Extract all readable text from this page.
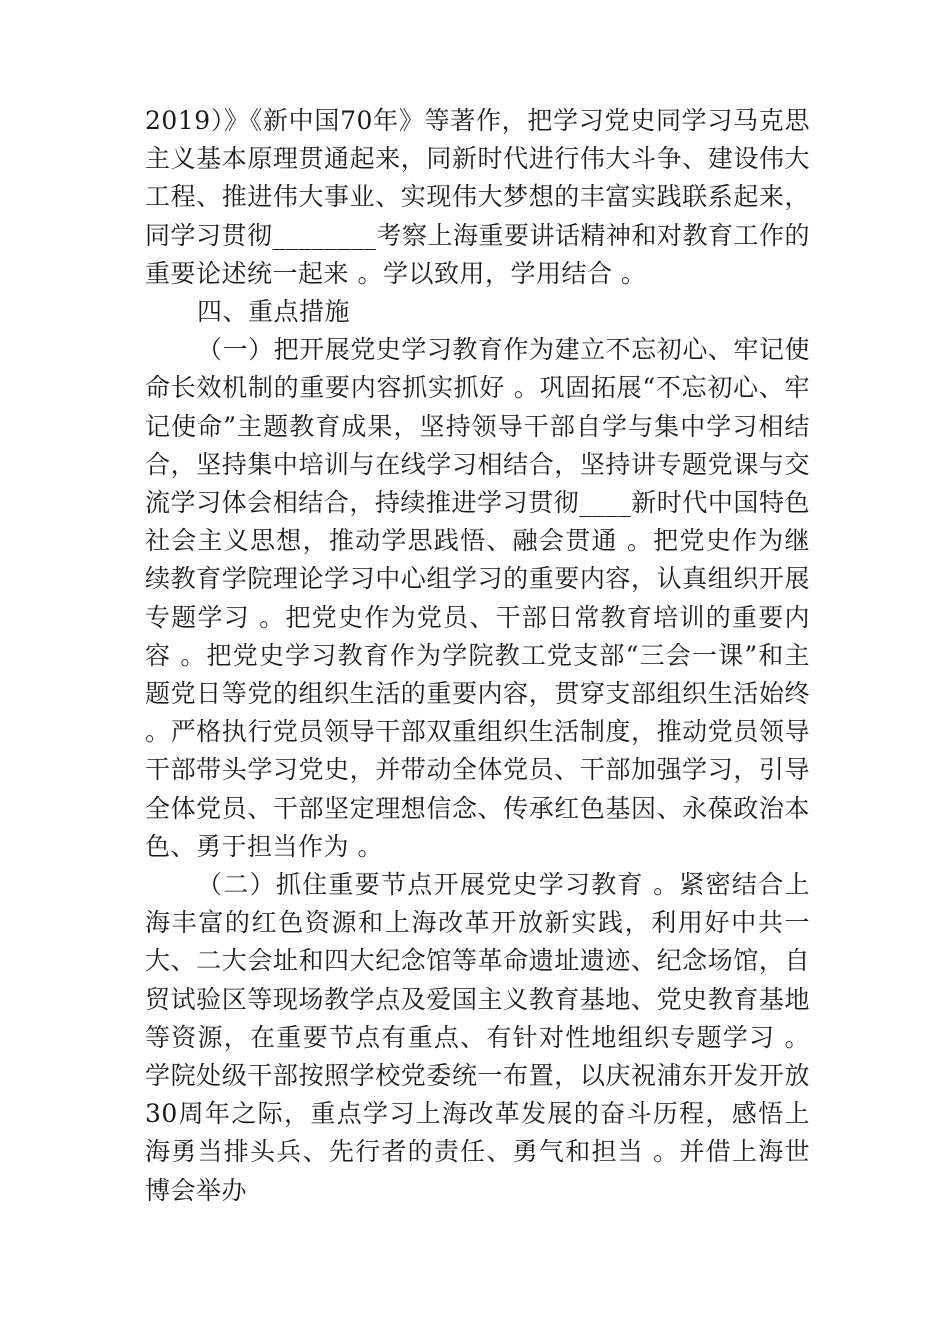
2019）》《新中国70年》等著作，把学习党史同学习马克思主义基本原理贯通起来，同新时代进行伟大斗争、建设伟大工程、推进伟大事业、实现伟大梦想的丰富实践联系起来，同学习贯彻________考察上海重要讲话精神和对教育工作的重要论述统一起来 。学以致用，学用结合 。

四、重点措施

（一）把开展党史学习教育作为建立不忘初心、牢记使命长效机制的重要内容抓实抓好 。巩固拓展“不忘初心、牢记使命”主题教育成果，坚持领导干部自学与集中学习相结合，坚持集中培训与在线学习相结合，坚持讲专题党课与交流学习体会相结合，持续推进学习贯彻____新时代中国特色社会主义思想，推动学思践悟、融会贯通 。把党史作为继续教育学院理论学习中心组学习的重要内容，认真组织开展专题学习 。把党史作为党员、干部日常教育培训的重要内容 。把党史学习教育作为学院教工党支部“三会一课”和主题党日等党的组织生活的重要内容，贯穿支部组织生活始终 。严格执行党员领导干部双重组织生活制度，推动党员领导干部带头学习党史，并带动全体党员、干部加强学习，引导全体党员、干部坚定理想信念、传承红色基因、永葆政治本色、勇于担当作为 。

（二）抓住重要节点开展党史学习教育 。紧密结合上海丰富的红色资源和上海改革开放新实践，利用好中共一大、二大会址和四大纪念馆等革命遗址遗迹、纪念场馆，自贸试验区等现场教学点及爱国主义教育基地、党史教育基地等资源，在重要节点有重点、有针对性地组织专题学习 。学院处级干部按照学校党委统一布置，以庆祝浦东开发开放30周年之际，重点学习上海改革发展的奋斗历程，感悟上海勇当排头兵、先行者的责任、勇气和担当 。并借上海世博会举办
